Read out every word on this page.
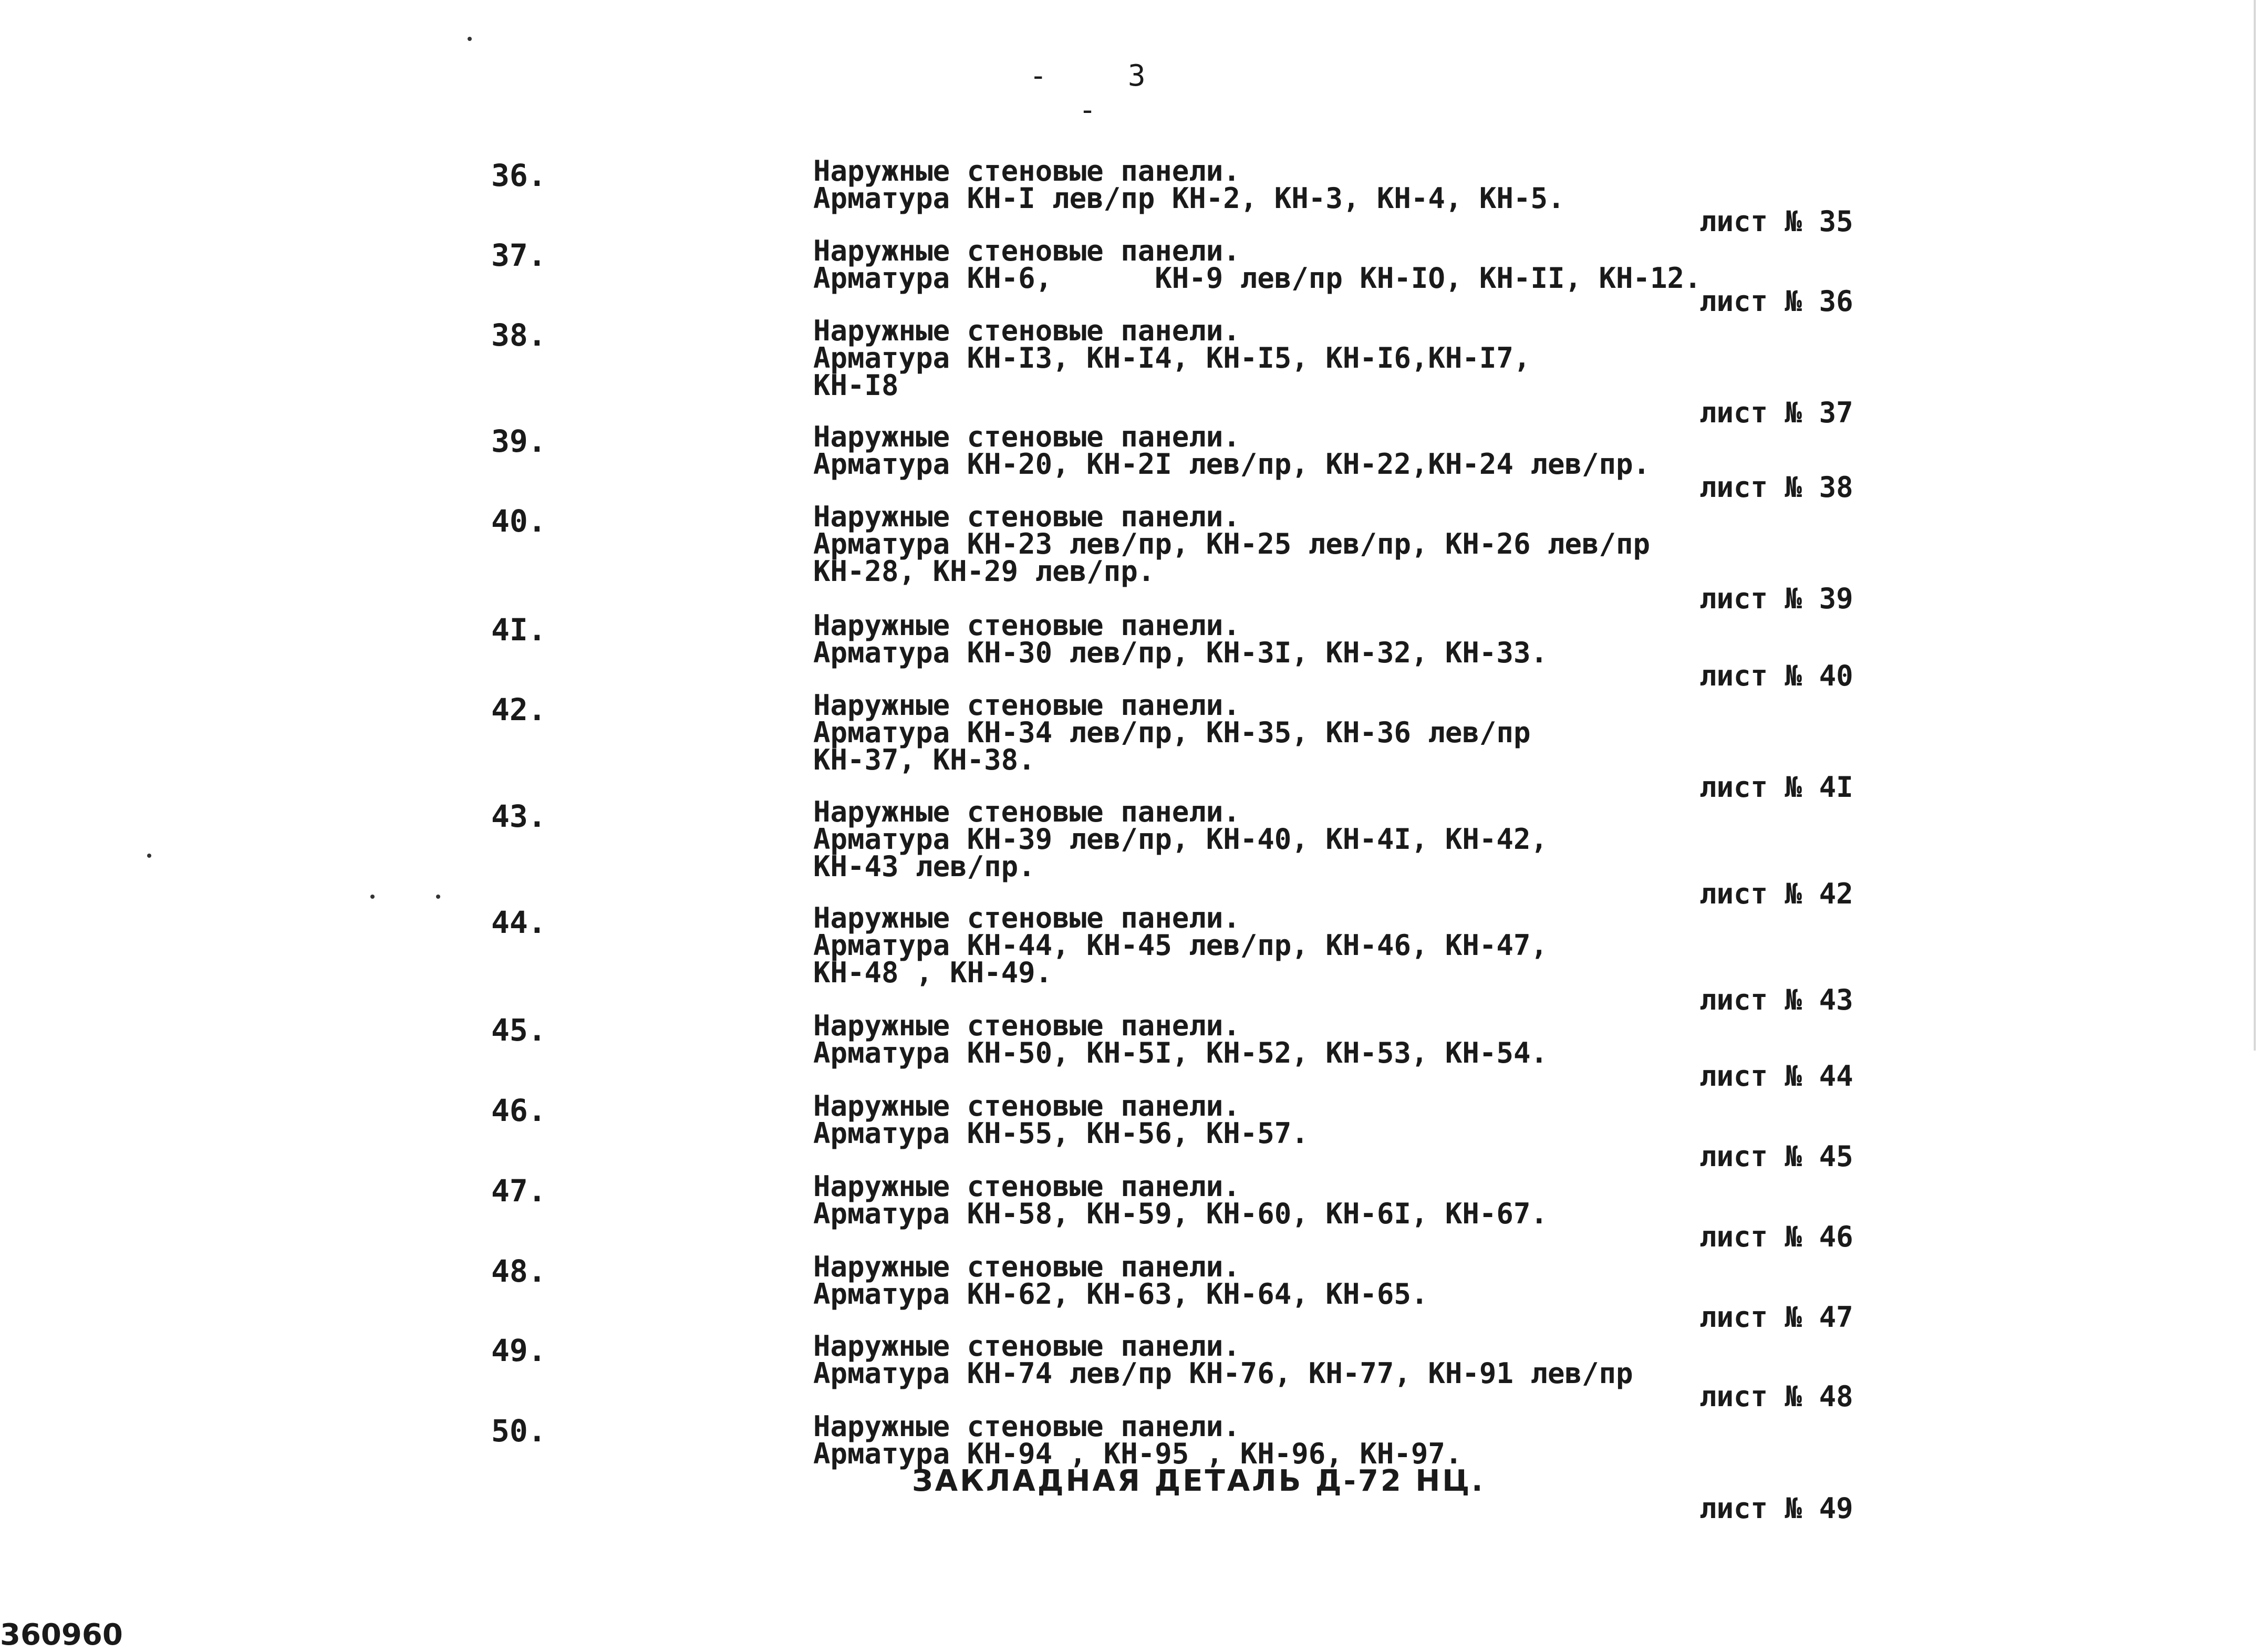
- 3 -
36.	Наружные стеновые панели.
Арматура КН-I лев/пр КН-2, КН-3, КН-4, КН-5.
лист № 35
37.	Наружные стеновые панели.
Арматура КН-6,      КН-9 лев/пр КН-IO, КН-II, КН-12.
лист № 36
38.	Наружные стеновые панели.
Арматура КН-I3, КН-I4, КН-I5, КН-I6,КН-I7,
КН-I8
лист № 37
39.	Наружные стеновые панели.
Арматура КН-20, КН-2I лев/пр, КН-22,КН-24 лев/пр.
лист № 38
40.	Наружные стеновые панели.
Арматура КН-23 лев/пр, КН-25 лев/пр, КН-26 лев/пр
КН-28, КН-29 лев/пр.
лист № 39
4I.	Наружные стеновые панели.
Арматура КН-30 лев/пр, КН-3I, КН-32, КН-33.
лист № 40
42.	Наружные стеновые панели.
Арматура КН-34 лев/пр, КН-35, КН-36 лев/пр
КН-37, КН-38.
лист № 4I
43.	Наружные стеновые панели.
Арматура КН-39 лев/пр, КН-40, КН-4I, КН-42,
КН-43 лев/пр.
лист № 42
44.	Наружные стеновые панели.
Арматура КН-44, КН-45 лев/пр, КН-46, КН-47,
КН-48 , КН-49.
лист № 43
45.	Наружные стеновые панели.
Арматура КН-50, КН-5I, КН-52, КН-53, КН-54.
лист № 44
46.	Наружные стеновые панели.
Арматура КН-55, КН-56, КН-57.
лист № 45
47.	Наружные стеновые панели.
Арматура КН-58, КН-59, КН-60, КН-6I, КН-67.
лист № 46
48.	Наружные стеновые панели.
Арматура КН-62, КН-63, КН-64, КН-65.
лист № 47
49.	Наружные стеновые панели.
Арматура КН-74 лев/пр КН-76, КН-77, КН-91 лев/пр
лист № 48
50.	Наружные стеновые панели.
Арматура КН-94 , КН-95 , КН-96, КН-97.
ЗАКЛАДНАЯ ДЕТАЛЬ Д-72 НЦ.
лист № 49
360960
